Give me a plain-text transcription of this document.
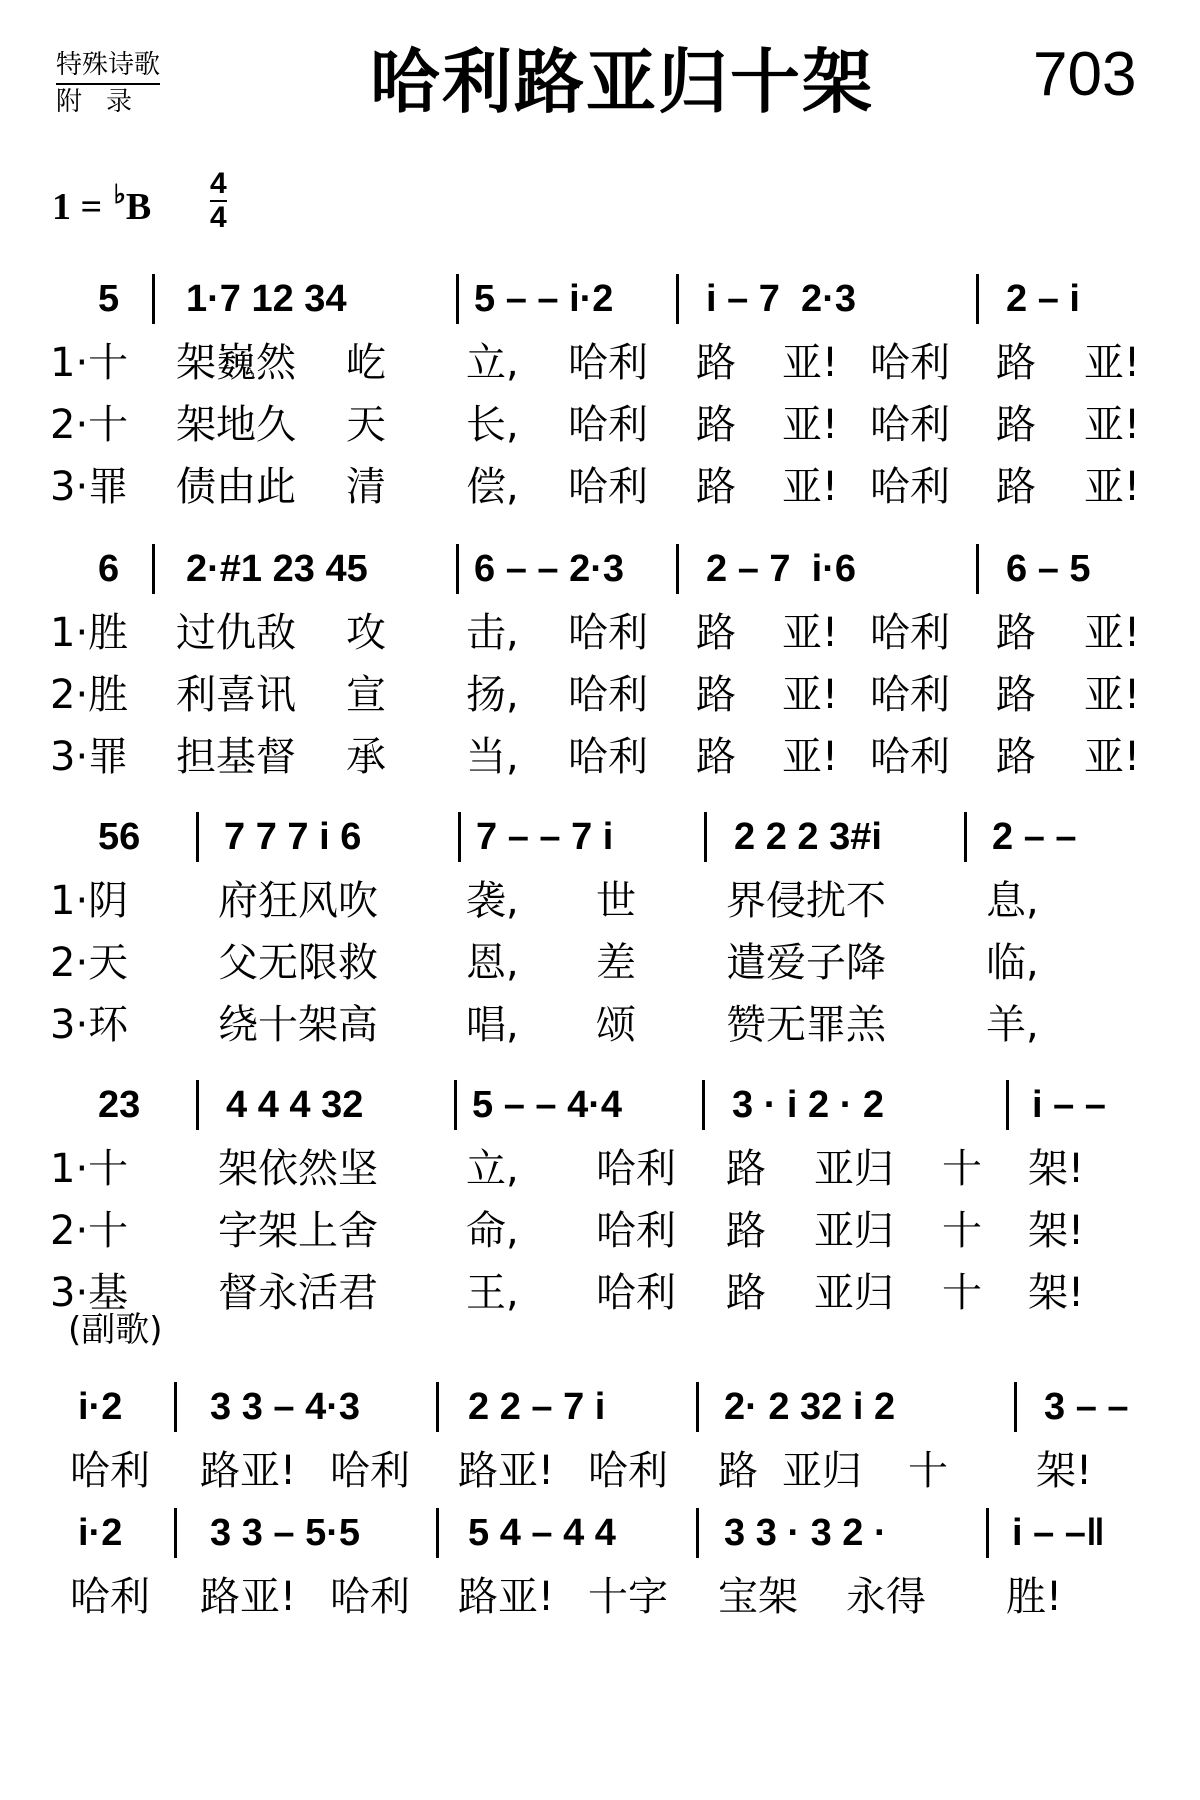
特殊诗歌
附录	哈利路亚归十架	703
$1 = ^♭B \frac{4}{4}$
5 1·7 12 34	5 – – i·2 i – 7  2·3	2 – i
1·十 架巍然 屹 立, 哈利 路 亚! 哈利 路 亚!
2·十 架地久 天 长, 哈利 路 亚! 哈利 路 亚!
3·罪 债由此 清 偿, 哈利 路 亚! 哈利 路 亚!
6 2·#1 23 45	6 – – 2·3 2 – 7  i·6	6 – 5
1·胜 过仇敌 攻 击, 哈利 路 亚! 哈利 路 亚!
2·胜 利喜讯 宣 扬, 哈利 路 亚! 哈利 路 亚!
3·罪 担基督 承 当, 哈利 路 亚! 哈利 路 亚!
56 7 7 7 i 6	7 – – 7 i	2 2 2 3#i	2 – –
1·阴 府狂风吹 袭, 世 界侵扰不	息,
2·天 父无限救 恩, 差 遣爱子降	临,
3·环 绕十架高 唱, 颂 赞无罪羔	羊,
23 4 4 4 32	5 – – 4·4	3 · i 2 · 2	i – –
1·十 架依然坚 立, 哈利 路 亚归 十 架!
2·十 字架上舍 命, 哈利 路 亚归 十 架!
3·基 督永活君 王, 哈利 路 亚归 十 架!
(副歌)
i·2 3 3 – 4·3	2 2 – 7 i	2· 2 32 i 2	3 – –
哈利 路亚! 哈利 路亚! 哈利 路 亚归 十 架!
i·2 3 3 – 5·5	5 4 – 4 4	3 3 · 3 2 ·	i – –‖
哈利 路亚! 哈利 路亚! 十字 宝架 永得 胜!
